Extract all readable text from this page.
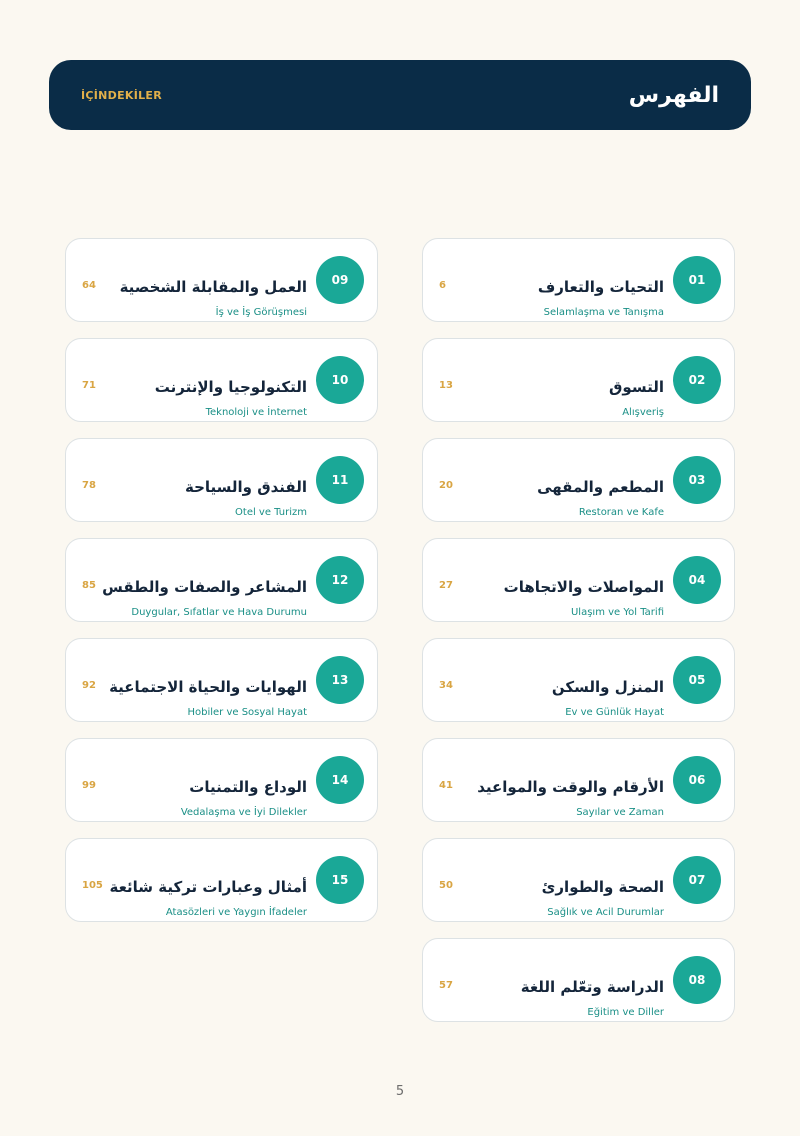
İÇİNDEKİLER	الفهرس
6	التحيات والتعارف
Selamlaşma ve Tanışma
01
64 العمل والمقابلة الشخصية
İş ve İş Görüşmesi
09
13	التسوق
Alışveriş
02
71	التكنولوجيا والإنترنت
Teknoloji ve İnternet
10
20	المطعم والمقهى
Restoran ve Kafe
03
78	الفندق والسياحة
Otel ve Turizm
11
27	المواصلات والاتجاهات
Ulaşım ve Yol Tarifi
04
85 المشاعر والصفات والطقس
Duygular, Sıfatlar ve Hava Durumu
12
34	المنزل والسكن
Ev ve Günlük Hayat
05
92 الهوايات والحياة الاجتماعية
Hobiler ve Sosyal Hayat
13
41 الأرقام والوقت والمواعيد
Sayılar ve Zaman
06
99	الوداع والتمنيات
Vedalaşma ve İyi Dilekler
14
50	الصحة والطوارئ
Sağlık ve Acil Durumlar
07
105 أمثال وعبارات تركية شائعة
Atasözleri ve Yaygın İfadeler
15
57	الدراسة وتعّلم اللغة
Eğitim ve Diller
08
5
